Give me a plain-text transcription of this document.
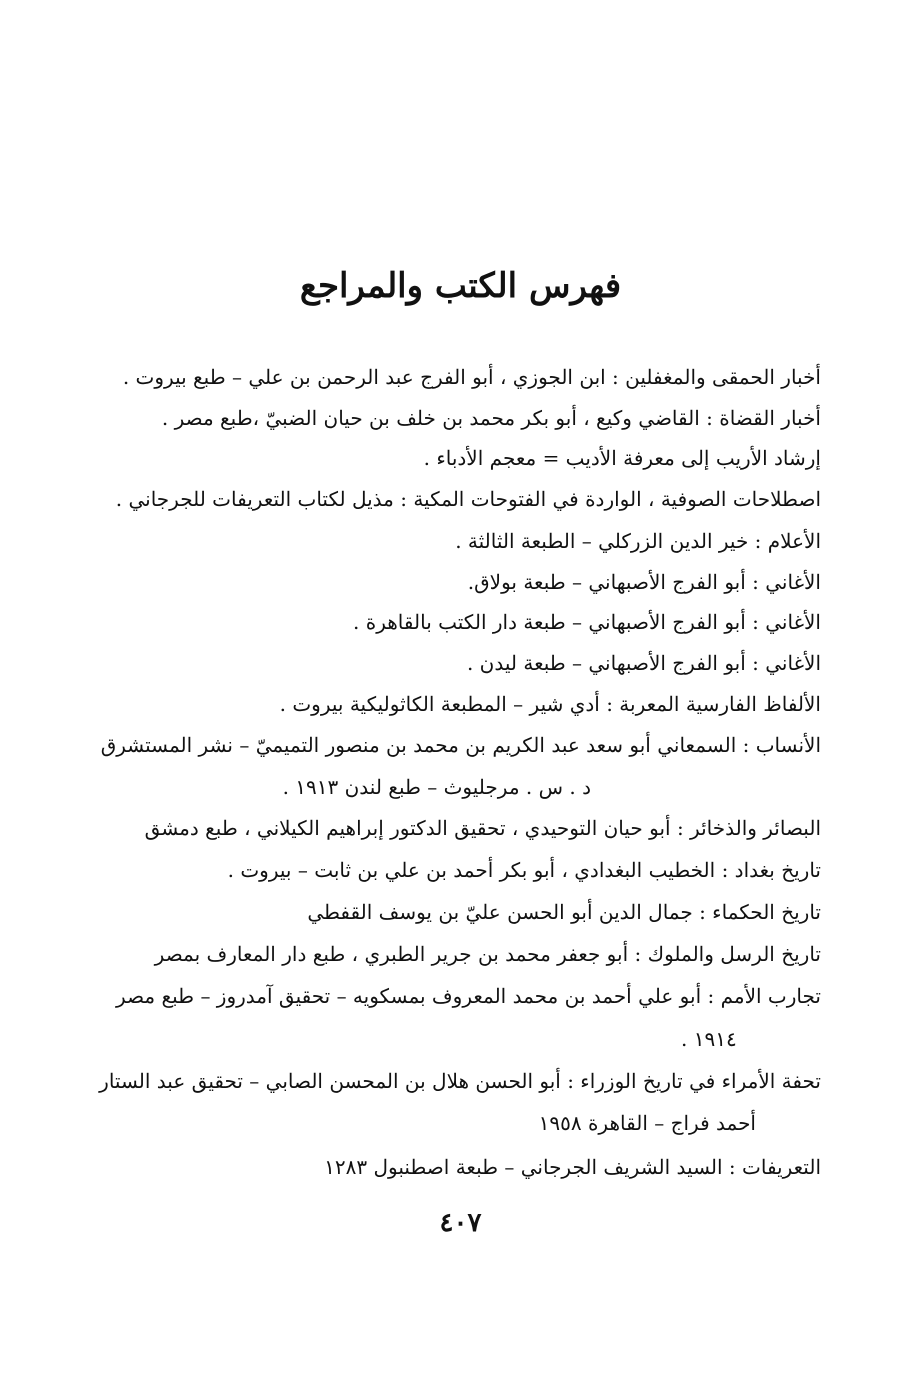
فهرس الكتب والمراجع
أخبار الحمقى والمغفلين : ابن الجوزي ، أبو الفرج عبد الرحمن بن علي – طبع بيروت .
أخبار القضاة : القاضي وكيع ، أبو بكر محمد بن خلف بن حيان الضبيّ ،طبع مصر .
إرشاد الأريب إلى معرفة الأديب = معجم الأدباء .
اصطلاحات الصوفية ، الواردة في الفتوحات المكية : مذيل لكتاب التعريفات للجرجاني .
الأعلام : خير الدين الزركلي – الطبعة الثالثة .
الأغاني : أبو الفرج الأصبهاني – طبعة بولاق.
الأغاني : أبو الفرج الأصبهاني – طبعة دار الكتب بالقاهرة .
الأغاني : أبو الفرج الأصبهاني – طبعة ليدن .
الألفاظ الفارسية المعربة : أدي شير – المطبعة الكاثوليكية بيروت .
الأنساب : السمعاني أبو سعد عبد الكريم بن محمد بن منصور التميميّ – نشر المستشرق
د . س . مرجليوث – طبع لندن ١٩١٣ .
البصائر والذخائر : أبو حيان التوحيدي ، تحقيق الدكتور إبراهيم الكيلاني ، طبع دمشق
تاريخ بغداد : الخطيب البغدادي ، أبو بكر أحمد بن علي بن ثابت – بيروت .
تاريخ الحكماء : جمال الدين أبو الحسن عليّ بن يوسف القفطي
تاريخ الرسل والملوك : أبو جعفر محمد بن جرير الطبري ، طبع دار المعارف بمصر
تجارب الأمم : أبو علي أحمد بن محمد المعروف بمسكويه – تحقيق آمدروز – طبع مصر
١٩١٤ .
تحفة الأمراء في تاريخ الوزراء : أبو الحسن هلال بن المحسن الصابي – تحقيق عبد الستار
أحمد فراج – القاهرة ١٩٥٨
التعريفات : السيد الشريف الجرجاني – طبعة اصطنبول ١٢٨٣
٤٠٧
